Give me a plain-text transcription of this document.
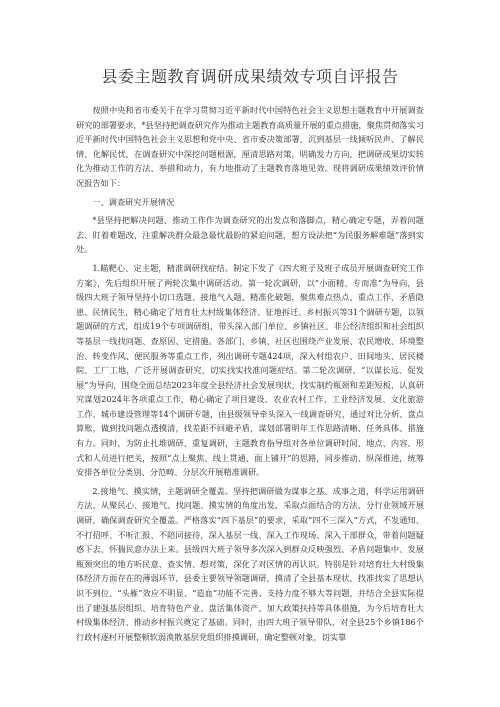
县委主题教育调研成果绩效专项自评报告

按照中央和省市委关于在学习贯彻习近平新时代中国特色社会主义思想主题教育中开展调查研究的部署要求，*县坚持把调查研究作为推动主题教育高质量开展的重点措施，聚焦贯彻落实习近平新时代中国特色社会主义思想和党中央、省市委决策部署，沉到基层一线倾听民声、了解民情、化解民忧，在调查研究中深挖问题根源，厘清思路对策，明确发力方向，把调研成果切实转化为推动工作的方法、举措和动力，有力地推动了主题教育落地见效。现将调研成果绩效评价情况报告如下：

一、调查研究开展情况

*县坚持把解决问题、推动工作作为调查研究的出发点和落脚点，精心确定专题，弄着问题去、盯着难题改，注重解决群众最急最忧最盼的紧迫问题，想方设法把“为民服务解难题”落到实处。

1.瞄靶心、定主题，精准调研找症结。制定下发了《四大班子及班子成员开展调查研究工作方案》，先后组织开展了两轮次集中调研活动。第一轮次调研，以“小面精、专而准”为导向，县级四大班子领导坚持小切口选题、接地气入题、精准化破题，聚焦难点热点、重点工作、矛盾隐患、民情民生，精心确定了培育壮大村级集体经济、征地拆迁、乡村振兴等31个调研专题，以领题调研的方式，组成19个专项调研组，带头深入部门单位、乡镇社区、非公经济组织和社会组织等基层一线找问题、查原因、定措施。各部门、乡镇、社区也围绕产业发展、农民增收、环境整治、转变作风、便民服务等重点工作，列出调研专题424项，深入村组农户、田间地头、居民楼院、工厂工地，广泛开展调查研究，切实找实找准问题症结。第二轮次调研，“以谋长远、促发展”为导向，围绕全面总结2023年度全县经济社会发展现状，找实制约瓶颈和差距短板，认真研究谋划2024年各项重点工作，精心确定了项目建设、农业农村工作、工业经济发展、文化旅游工作、城市建设管理等14个调研专题，由县级领导牵头深入一线调查研究，通过对比分析、盘点算账，做到找问题点透摸清，找差距不回避矛盾，谋划部署明年工作思路清晰、任务具体、措施有力。同时，为防止扎堆调研、重复调研，主题教育指导组对各单位调研时间、地点、内容、形式和人员进行把关，按照“点上聚焦、线上贯通、面上铺开”的思路，同步推动、纵深推进，统筹安排各单位分类别、分范畴、分层次开展精准调研。

2.接地气、摸实情，主题调研全覆盖。坚持把调研做为谋事之基、成事之道，科学运用调研方法，从聚民心、接地气、找问题、摸实情的角度出发，采取点面结合的方法，分行业领域开展调研，确保调查研究全覆盖。严格落实“四下基层”的要求，采取“四不三深入”方式，不发通知、不打招呼、不听汇报、不陪同接待，深入基层一线、深入工作现场、深入干部群众，带着问题疑惑下去、怀揣民意办法上来。县级四大班子领导多次深入到群众反映强烈、矛盾问题集中、发展瓶颈突出的地方听民意、查实情、想对策，深化了对区情的再认识。特别是针对培育壮大村级集体经济方面存在的薄弱环节，县委主要领导领题调研，摸清了全县基本现状，找准找实了思想认识不到位、“头雁”效应不明显、“造血”功能不完善、支持力度不够大等问题，并结合全县实际提出了建强基层组织、培育特色产业、盘活集体资产、加大政策扶持等具体措施，为今后培育壮大村级集体经济、推动乡村振兴奠定了基础。同时，由四大班子领导带队，对全县25个乡镇186个行政村逐村开展整顿软弱涣散基层党组织排摸调研，确定整顿对象，切实靠
